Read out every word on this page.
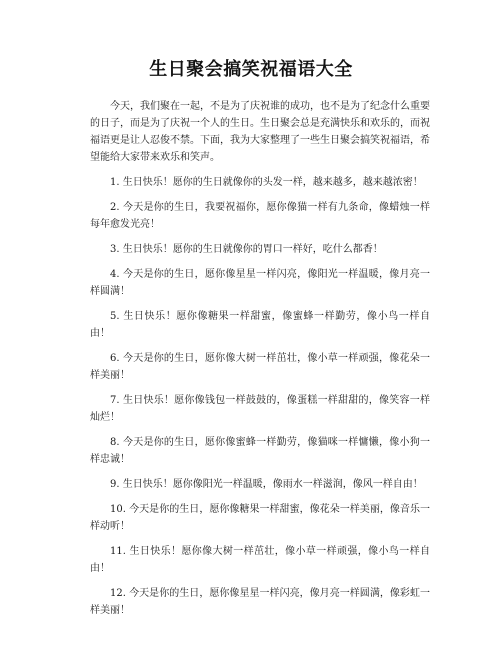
生日聚会搞笑祝福语大全

今天，我们聚在一起，不是为了庆祝谁的成功，也不是为了纪念什么重要的日子，而是为了庆祝一个人的生日。生日聚会总是充满快乐和欢乐的，而祝福语更是让人忍俊不禁。下面，我为大家整理了一些生日聚会搞笑祝福语，希望能给大家带来欢乐和笑声。

1. 生日快乐！愿你的生日就像你的头发一样，越来越多，越来越浓密！

2. 今天是你的生日，我要祝福你，愿你像猫一样有九条命，像蜡烛一样每年愈发光亮！

3. 生日快乐！愿你的生日就像你的胃口一样好，吃什么都香！

4. 今天是你的生日，愿你像星星一样闪亮，像阳光一样温暖，像月亮一样圆满！

5. 生日快乐！愿你像糖果一样甜蜜，像蜜蜂一样勤劳，像小鸟一样自由！

6. 今天是你的生日，愿你像大树一样茁壮，像小草一样顽强，像花朵一样美丽！

7. 生日快乐！愿你像钱包一样鼓鼓的，像蛋糕一样甜甜的，像笑容一样灿烂！

8. 今天是你的生日，愿你像蜜蜂一样勤劳，像猫咪一样慵懒，像小狗一样忠诚！

9. 生日快乐！愿你像阳光一样温暖，像雨水一样滋润，像风一样自由！

10. 今天是你的生日，愿你像糖果一样甜蜜，像花朵一样美丽，像音乐一样动听！

11. 生日快乐！愿你像大树一样茁壮，像小草一样顽强，像小鸟一样自由！

12. 今天是你的生日，愿你像星星一样闪亮，像月亮一样圆满，像彩虹一样美丽！
